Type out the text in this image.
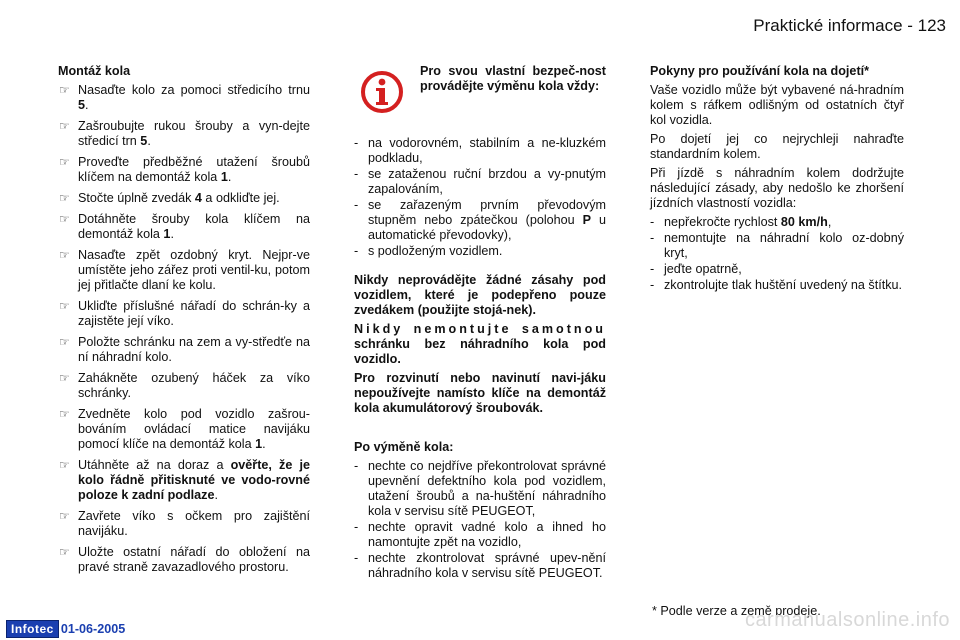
Praktické informace - 123
Montáž kola
☞ Nasaďte kolo za pomoci středicího trnu 5.
☞ Zašroubujte rukou šrouby a vyn-dejte středicí trn 5.
☞ Proveďte předběžné utažení šroubů klíčem na demontáž kola 1.
☞ Stočte úplně zvedák 4 a odkliďte jej.
☞ Dotáhněte šrouby kola klíčem na demontáž kola 1.
☞ Nasaďte zpět ozdobný kryt. Nejpr-ve umístěte jeho zářez proti ventil-ku, potom jej přitlačte dlaní ke kolu.
☞ Ukliďte příslušné nářadí do schrán-ky a zajistěte její víko.
☞ Položte schránku na zem a vy-středťe na ní náhradní kolo.
☞ Zahákněte ozubený háček za víko schránky.
☞ Zvedněte kolo pod vozidlo zašrou-bováním ovládací matice navijáku pomocí klíče na demontáž kola 1.
☞ Utáhněte až na doraz a ověřte, že je kolo řádně přitisknuté ve vodo-rovné poloze k zadní podlaze.
☞ Zavřete víko s očkem pro zajištění navijáku.
☞ Uložte ostatní nářadí do obložení na pravé straně zavazadlového prostoru.
Pro svou vlastní bezpeč-nost provádějte výměnu kola vždy:
- na vodorovném, stabilním a ne-kluzkém podkladu,
- se zataženou ruční brzdou a vy-pnutým zapalováním,
- se zařazeným prvním převodovým stupněm nebo zpátečkou (polohou P u automatické převodovky),
- s podloženým vozidlem.

Nikdy neprovádějte žádné zásahy pod vozidlem, které je podepřeno pouze zvedákem (použijte stojá-nek).

Nikdy nemontujte samotnou schránku bez náhradního kola pod vozidlo.

Pro rozvinutí nebo navinutí navi-jáku nepoužívejte namísto klíče na demontáž kola akumulátorový šroubovák.

Po výměně kola:
- nechte co nejdříve překontrolovat správné upevnění defektního kola pod vozidlem, utažení šroubů a na-huštění náhradního kola v servisu sítě PEUGEOT,
- nechte opravit vadné kolo a ihned ho namontujte zpět na vozidlo,
- nechte zkontrolovat správné upev-nění náhradního kola v servisu sítě PEUGEOT.
Pokyny pro používání kola na dojetí*

Vaše vozidlo může být vybavené ná-hradním kolem s ráfkem odlišným od ostatních čtyř kol vozidla.

Po dojetí jej co nejrychleji nahraďte standardním kolem.

Při jízdě s náhradním kolem dodržujte následující zásady, aby nedošlo ke zhoršení jízdních vlastností vozidla:

- nepřekročte rychlost 80 km/h,
- nemontujte na náhradní kolo oz-dobný kryt,
- jeďte opatrně,
- zkontrolujte tlak huštění uvedený na štítku.
* Podle verze a země prodeje.
Infotec 01-06-2005	carmanualsonline.info
